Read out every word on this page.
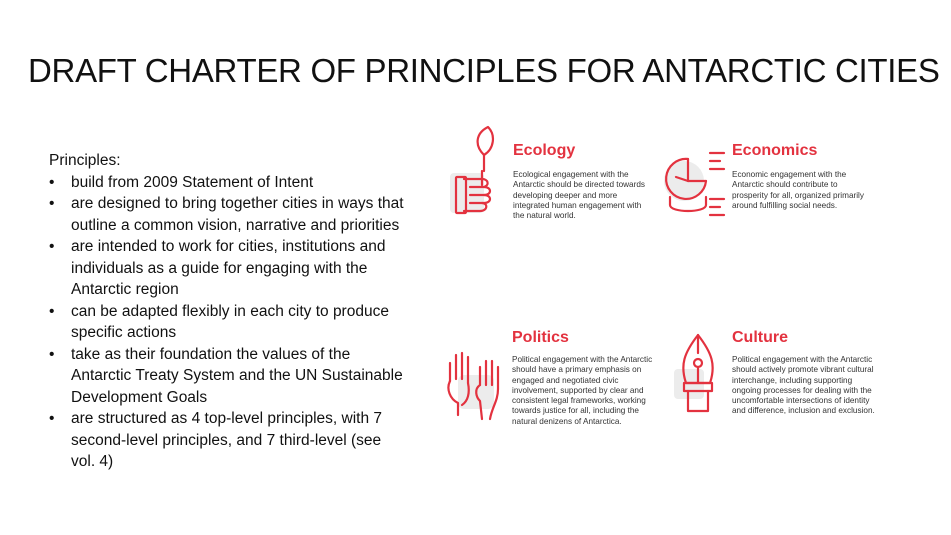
DRAFT CHARTER OF PRINCIPLES FOR ANTARCTIC CITIES
Principles:
• build from 2009 Statement of Intent
• are designed to bring together cities in ways that outline a common vision, narrative and priorities
• are intended to work for cities, institutions and individuals as a guide for engaging with the Antarctic region
• can be adapted flexibly in each city to produce specific actions
• take as their foundation the values of the Antarctic Treaty System and the UN Sustainable Development Goals
• are structured as 4 top-level principles, with 7 second-level principles, and 7 third-level (see vol. 4)
Ecology

Ecological engagement with the Antarctic should be directed towards developing deeper and more integrated human engagement with the natural world.

Economics

Economic engagement with the Antarctic should contribute to prosperity for all, organized primarily around fulfilling social needs.

Politics

Political engagement with the Antarctic should have a primary emphasis on engaged and negotiated civic involvement, supported by clear and consistent legal frameworks, working towards justice for all, including the natural denizens of Antarctica.

Culture

Political engagement with the Antarctic should actively promote vibrant cultural interchange, including supporting ongoing processes for dealing with the uncomfortable intersections of identity and difference, inclusion and exclusion.
